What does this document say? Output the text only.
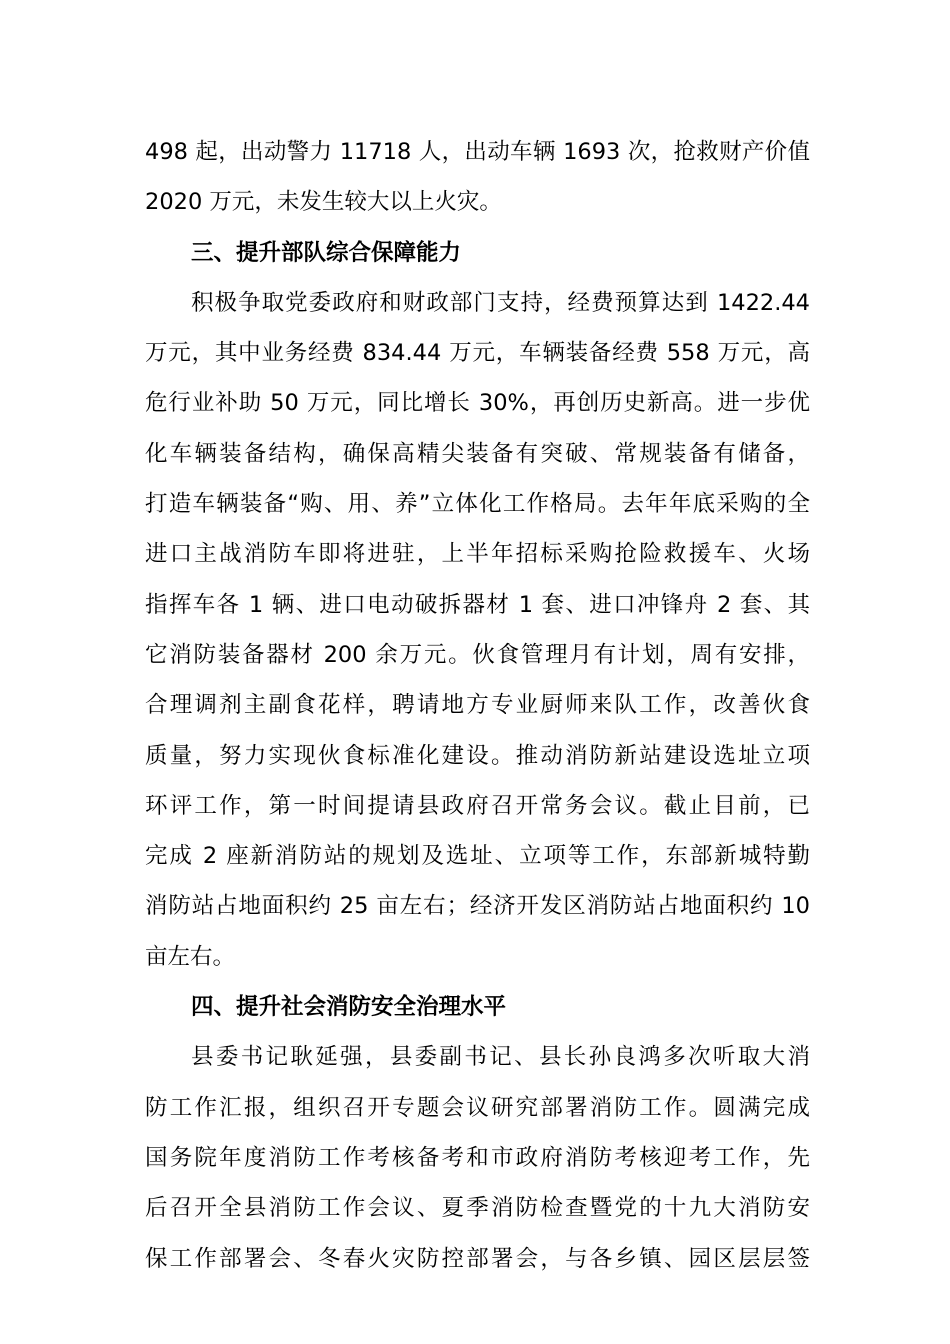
498 起，出动警力 11718 人，出动车辆 1693 次，抢救财产价值
2020 万元，未发生较大以上火灾。
三、提升部队综合保障能力
积极争取党委政府和财政部门支持，经费预算达到 1422.44
万元，其中业务经费 834.44 万元，车辆装备经费 558 万元，高
危行业补助 50 万元，同比增长 30%，再创历史新高。进一步优
化车辆装备结构，确保高精尖装备有突破、常规装备有储备，
打造车辆装备“购、用、养”立体化工作格局。去年年底采购的全
进口主战消防车即将进驻，上半年招标采购抢险救援车、火场
指挥车各 1 辆、进口电动破拆器材 1 套、进口冲锋舟 2 套、其
它消防装备器材 200 余万元。伙食管理月有计划，周有安排，
合理调剂主副食花样，聘请地方专业厨师来队工作，改善伙食
质量，努力实现伙食标准化建设。推动消防新站建设选址立项
环评工作，第一时间提请县政府召开常务会议。截止目前，已
完成 2 座新消防站的规划及选址、立项等工作，东部新城特勤
消防站占地面积约 25 亩左右；经济开发区消防站占地面积约 10
亩左右。
四、提升社会消防安全治理水平
县委书记耿延强，县委副书记、县长孙良鸿多次听取大消
防工作汇报，组织召开专题会议研究部署消防工作。圆满完成
国务院年度消防工作考核备考和市政府消防考核迎考工作，先
后召开全县消防工作会议、夏季消防检查暨党的十九大消防安
保工作部署会、冬春火灾防控部署会，与各乡镇、园区层层签
